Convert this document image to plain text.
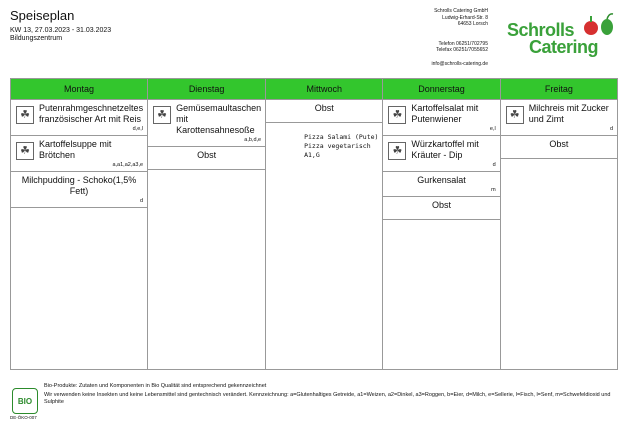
Speiseplan
KW 13, 27.03.2023 - 31.03.2023
Bildungszentrum
Schrolls Catering GmbH
Ludwig-Erhard-Str. 8
64653 Lorsch
Telefon 06251/702795
Telefax 06251/7055652
info@schrolls-catering.de
Schrolls
Catering
Montag
☘
Putenrahmgeschnetzeltes französischer Art mit Reis
d,e,l
☘
Kartoffelsuppe mit Brötchen
a,a1,a2,a3,e
Milchpudding - Schoko(1,5% Fett)
d
Dienstag
☘
Gemüsemaultaschen mit Karottensahnesoße
a,b,d,e
Obst
Mittwoch
Obst
Pizza Salami (Pute)
Pizza vegetarisch A1,G
Donnerstag
☘
Kartoffelsalat mit Putenwiener
e,l
☘
Würzkartoffel mit Kräuter - Dip
d
Gurkensalat
m
Obst
Freitag
☘
Milchreis mit Zucker und Zimt
d
Obst
Bio-Produkte: Zutaten und Komponenten in Bio Qualität sind entsprechend gekennzeichnet
BIO
DE-ÖKO-007
Wir verwenden keine Insekten und keine Lebensmittel sind gentechnisch verändert. Kennzeichnung: a=Glutenhaltiges Getreide, a1=Weizen, a2=Dinkel, a3=Roggen, b=Eier, d=Milch, e=Sellerie, l=Fisch, l=Senf, m=Schwefeldioxid und Sulphite
